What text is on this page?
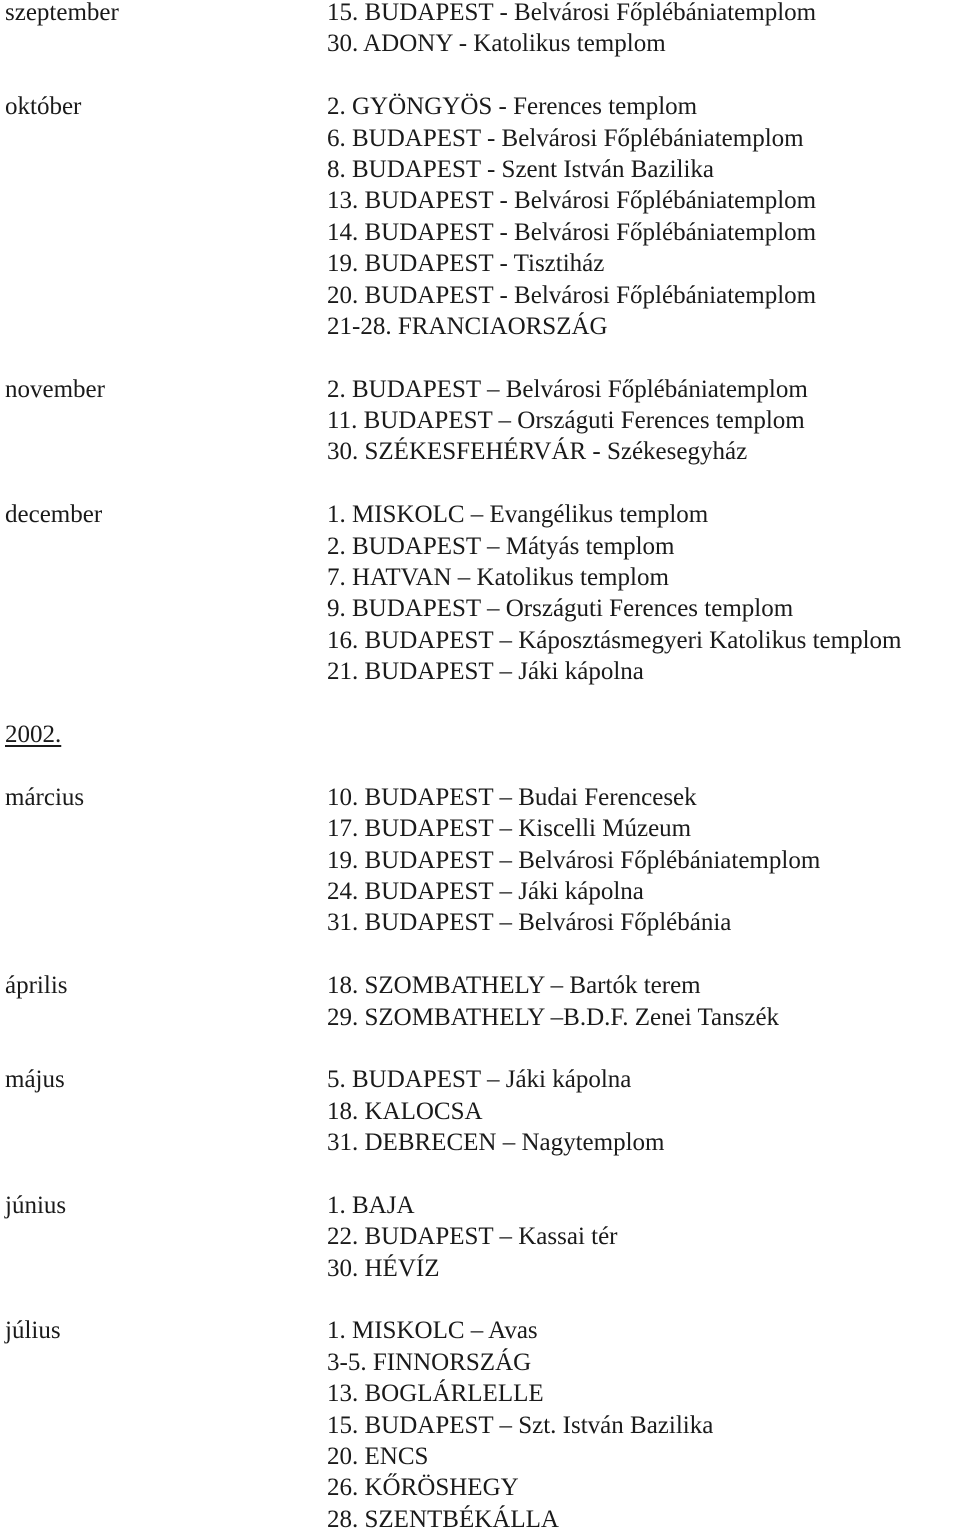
szeptember	15. BUDAPEST - Belvárosi Főplébániatemplom
30. ADONY - Katolikus templom
október	2. GYÖNGYÖS - Ferences templom
6. BUDAPEST - Belvárosi Főplébániatemplom
8. BUDAPEST - Szent István Bazilika
13. BUDAPEST - Belvárosi Főplébániatemplom
14. BUDAPEST - Belvárosi Főplébániatemplom
19. BUDAPEST - Tisztiház
20. BUDAPEST - Belvárosi Főplébániatemplom
21-28. FRANCIAORSZÁG
november	2. BUDAPEST – Belvárosi Főplébániatemplom
11. BUDAPEST – Országuti Ferences templom
30. SZÉKESFEHÉRVÁR - Székesegyház
december	1. MISKOLC – Evangélikus templom
2. BUDAPEST – Mátyás templom
7. HATVAN – Katolikus templom
9. BUDAPEST – Országuti Ferences templom
16. BUDAPEST – Káposztásmegyeri Katolikus templom
21. BUDAPEST – Jáki kápolna
2002.
március	10. BUDAPEST – Budai Ferencesek
17. BUDAPEST – Kiscelli Múzeum
19. BUDAPEST – Belvárosi Főplébániatemplom
24. BUDAPEST – Jáki kápolna
31. BUDAPEST – Belvárosi Főplébánia
április	18. SZOMBATHELY – Bartók terem
29. SZOMBATHELY –B.D.F. Zenei Tanszék
május	5. BUDAPEST – Jáki kápolna
18. KALOCSA
31. DEBRECEN – Nagytemplom
június	1. BAJA
22. BUDAPEST – Kassai tér
30. HÉVÍZ
július	1. MISKOLC – Avas
3-5. FINNORSZÁG
13. BOGLÁRLELLE
15. BUDAPEST – Szt. István Bazilika
20. ENCS
26. KŐRÖSHEGY
28. SZENTBÉKÁLLA
